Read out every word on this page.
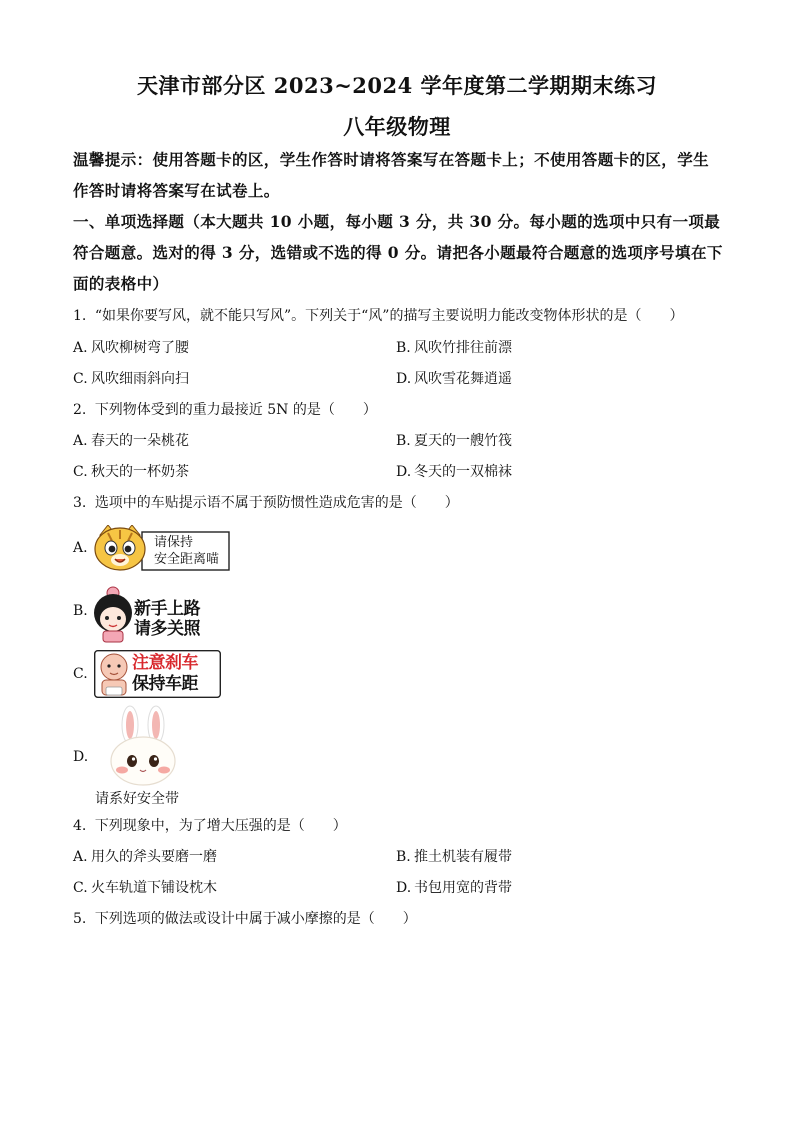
天津市部分区 2023~2024 学年度第二学期期末练习
八年级物理
温馨提示：使用答题卡的区，学生作答时请将答案写在答题卡上；不使用答题卡的区，学生作答时请将答案写在试卷上。
一、单项选择题（本大题共 10 小题，每小题 3 分，共 30 分。每小题的选项中只有一项最符合题意。选对的得 3 分，选错或不选的得 0 分。请把各小题最符合题意的选项序号填在下面的表格中）
1. “如果你要写风，就不能只写风”。下列关于“风”的描写主要说明力能改变物体形状的是（　　）
A. 风吹柳树弯了腰	B. 风吹竹排往前漂
C. 风吹细雨斜向扫	D. 风吹雪花舞逍遥
2. 下列物体受到的重力最接近 5N 的是（　　）
A. 春天的一朵桃花	B. 夏天的一艘竹筏
C. 秋天的一杯奶茶	D. 冬天的一双棉袜
3. 选项中的车贴提示语不属于预防惯性造成危害的是（　　）
A.	请保持
安全距离喵
B.	新手上路
请多关照
C.
注意刹车
保持车距
D.
请系好安全带
4. 下列现象中，为了增大压强的是（　　）
A. 用久的斧头要磨一磨	B. 推土机装有履带
C. 火车轨道下铺设枕木	D. 书包用宽的背带
5. 下列选项的做法或设计中属于减小摩擦的是（　　）
